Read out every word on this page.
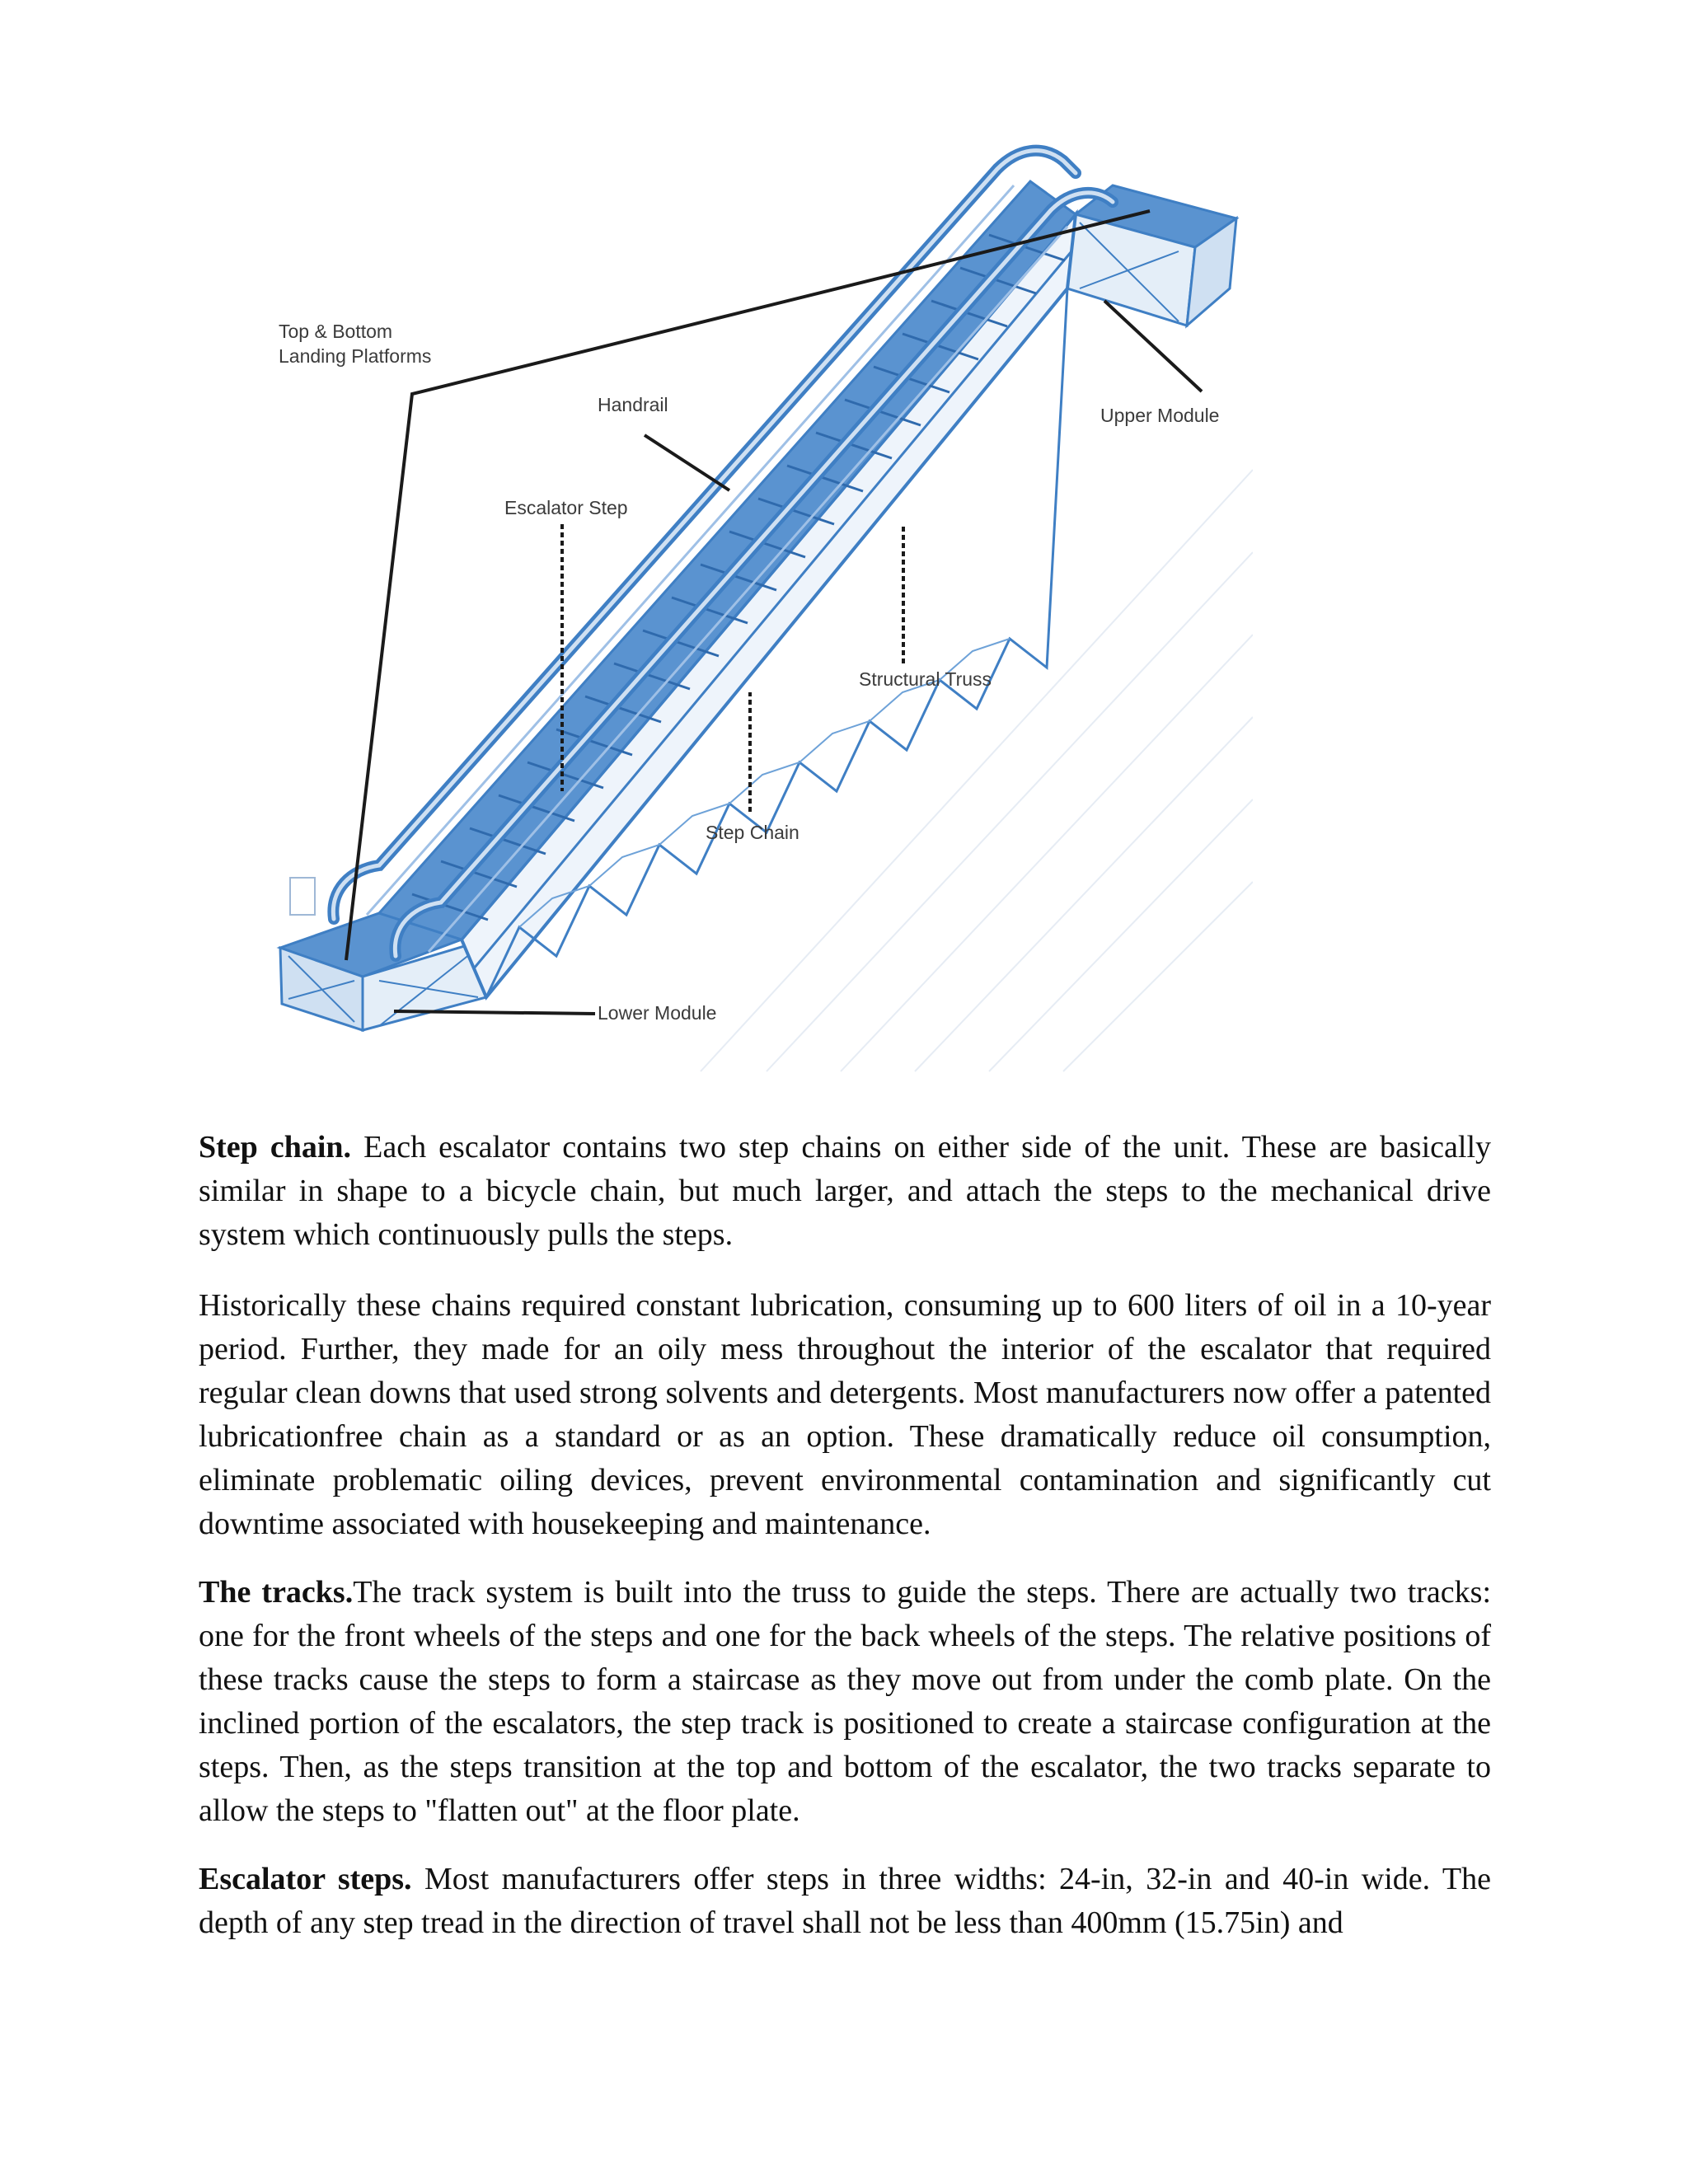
Top & Bottom
Landing Platforms
Handrail	Upper Module
Escalator Step
Structural Truss
Step Chain
Lower Module

Step chain. Each escalator contains two step chains on either side of the unit. These are basically similar in shape to a bicycle chain, but much larger, and attach the steps to the mechanical drive system which continuously pulls the steps.

Historically these chains required constant lubrication, consuming up to 600 liters of oil in a 10-year period. Further, they made for an oily mess throughout the interior of the escalator that required regular clean downs that used strong solvents and detergents. Most manufacturers now offer a patented lubricationfree chain as a standard or as an option. These dramatically reduce oil consumption, eliminate problematic oiling devices, prevent environmental contamination and significantly cut downtime associated with housekeeping and maintenance.

The tracks.The track system is built into the truss to guide the steps. There are actually two tracks: one for the front wheels of the steps and one for the back wheels of the steps. The relative positions of these tracks cause the steps to form a staircase as they move out from under the comb plate. On the inclined portion of the escalators, the step track is positioned to create a staircase configuration at the steps. Then, as the steps transition at the top and bottom of the escalator, the two tracks separate to allow the steps to "flatten out" at the floor plate.

Escalator steps. Most manufacturers offer steps in three widths: 24-in, 32-in and 40-in wide. The depth of any step tread in the direction of travel shall not be less than 400mm (15.75in) and
